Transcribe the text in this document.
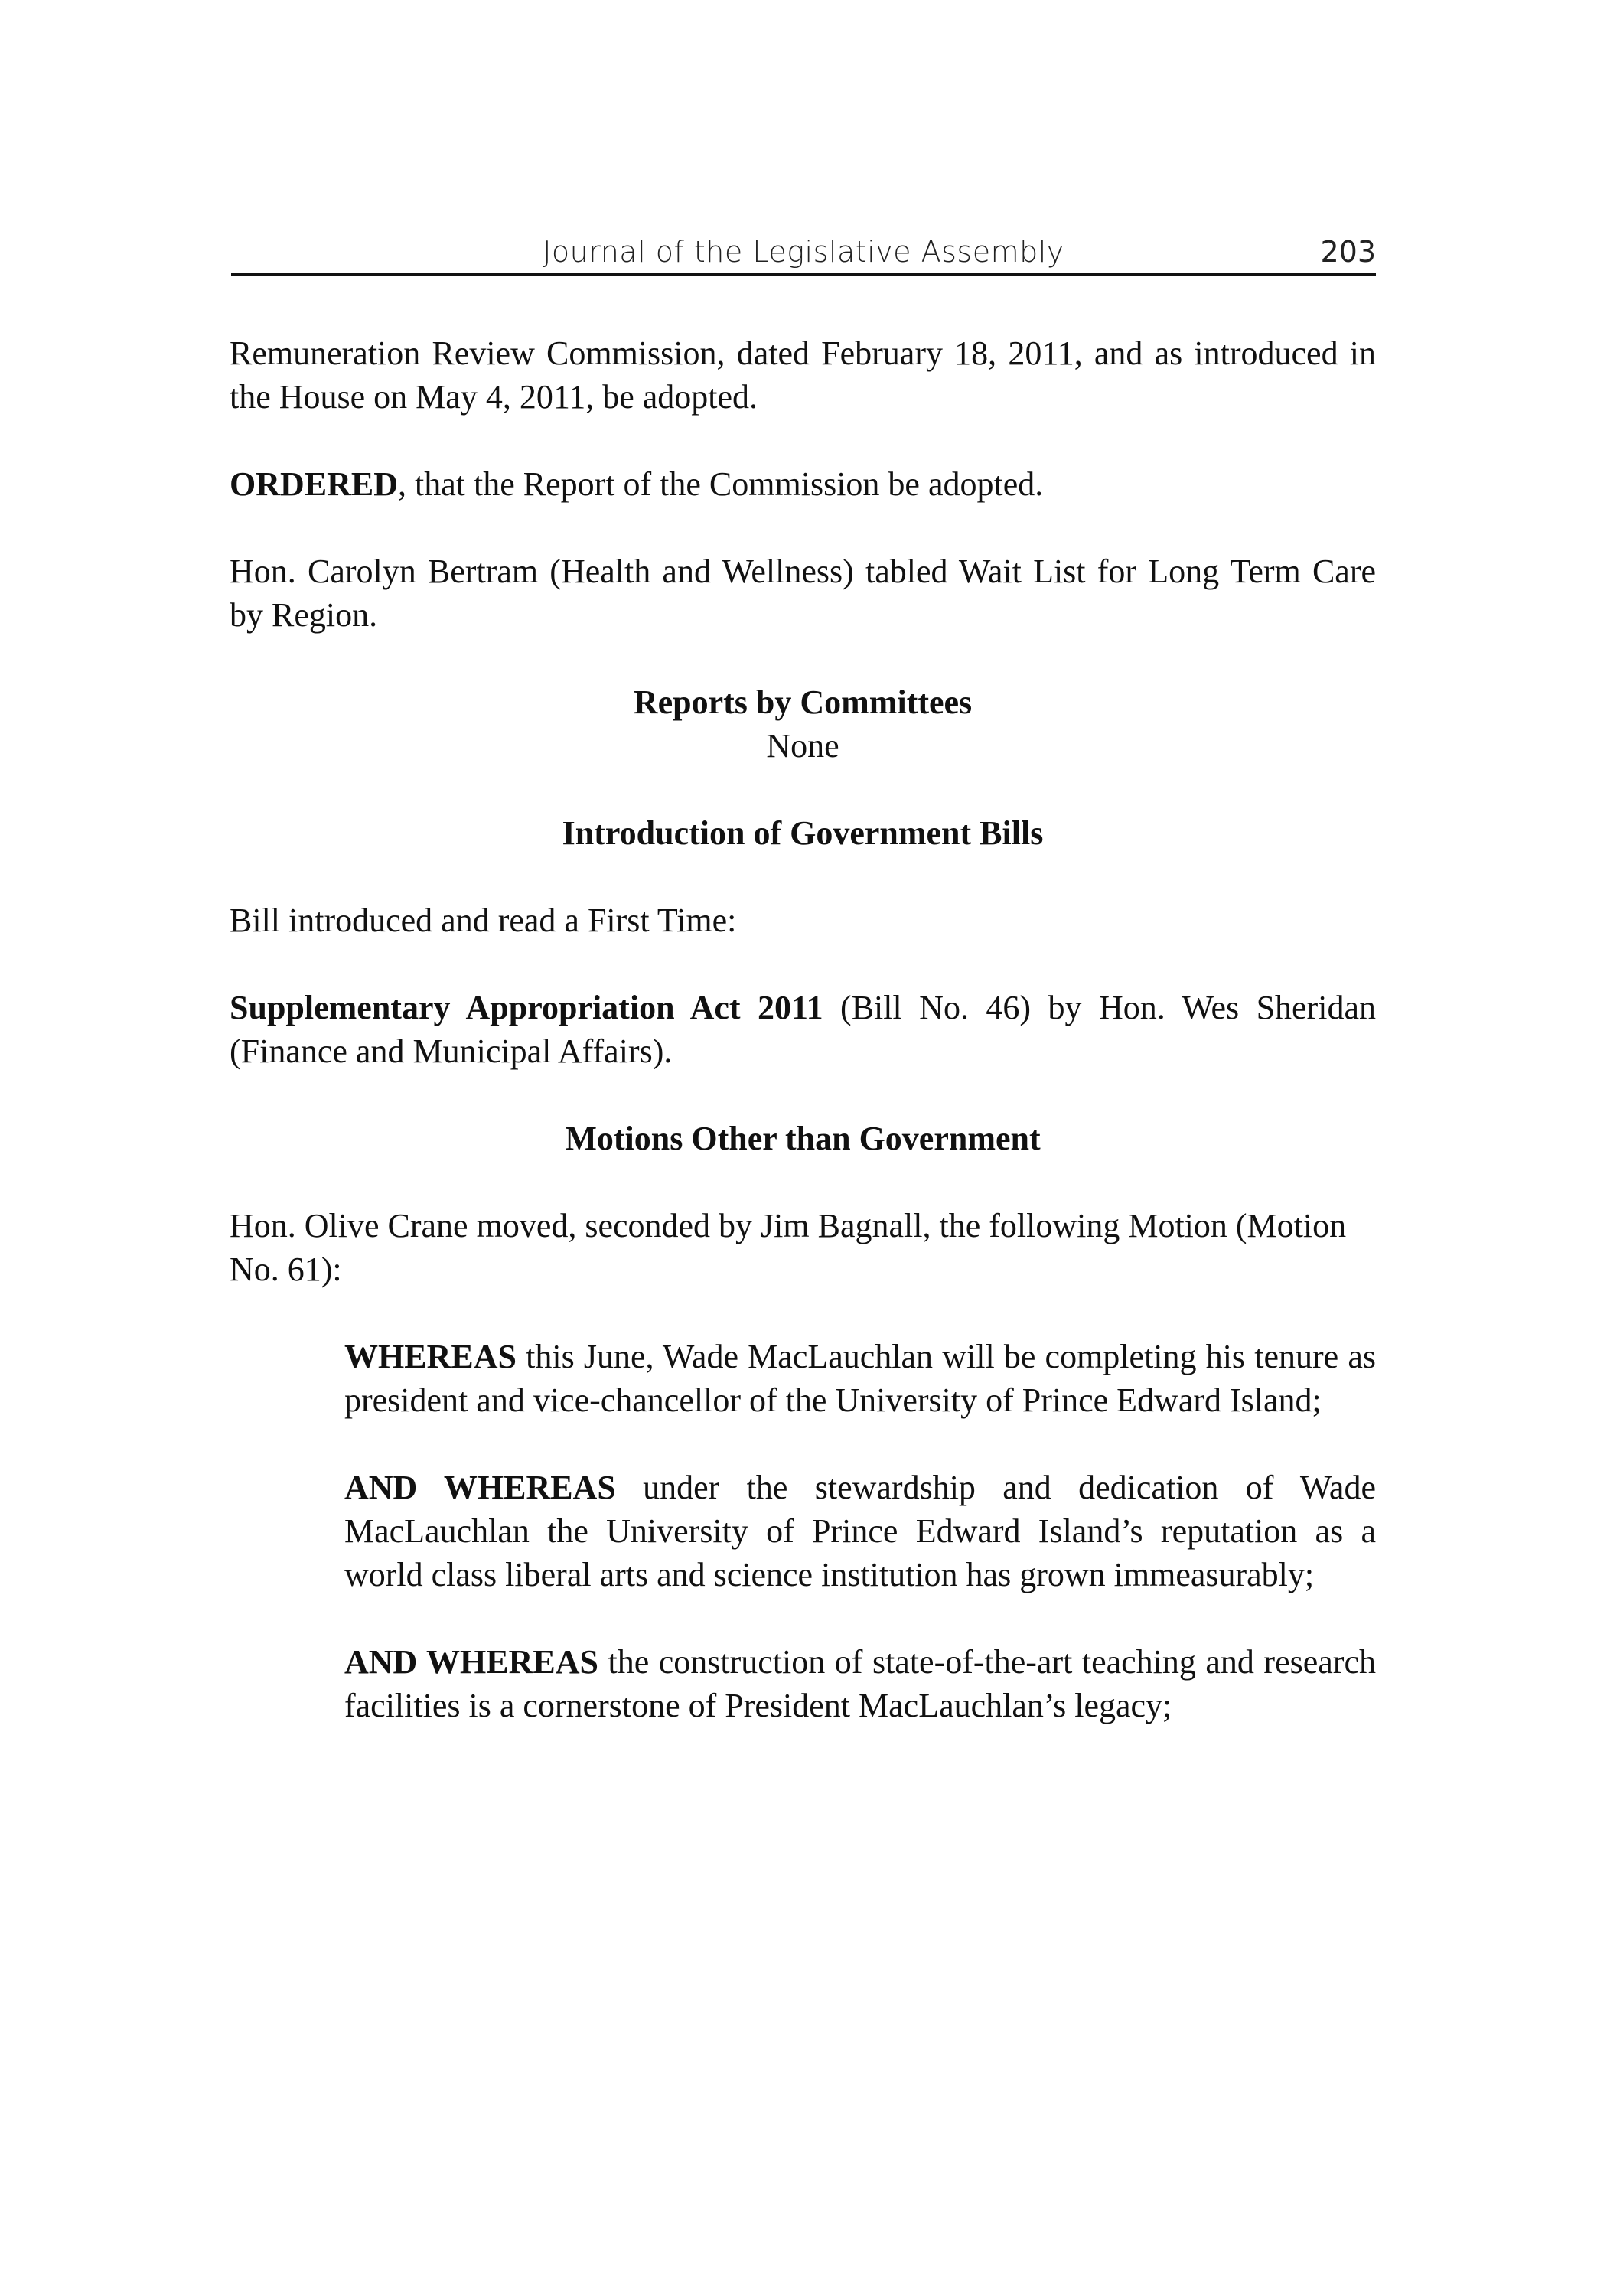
Journal of the Legislative Assembly	203

Remuneration Review Commission, dated February 18, 2011, and as introduced in the House on May 4, 2011, be adopted.

ORDERED, that the Report of the Commission be adopted.

Hon. Carolyn Bertram (Health and Wellness) tabled Wait List for Long Term Care by Region.

Reports by Committees
None
Introduction of Government Bills

Bill introduced and read a First Time:

Supplementary Appropriation Act 2011 (Bill No. 46) by Hon. Wes Sheridan (Finance and Municipal Affairs).

Motions Other than Government

Hon. Olive Crane moved, seconded by Jim Bagnall, the following Motion (Motion No. 61):

WHEREAS this June, Wade MacLauchlan will be completing his tenure as president and vice-chancellor of the University of Prince Edward Island;

AND WHEREAS under the stewardship and dedication of Wade MacLauchlan the University of Prince Edward Island’s reputation as a world class liberal arts and science institution has grown immeasurably;

AND WHEREAS the construction of state-of-the-art teaching and research facilities is a cornerstone of President MacLauchlan’s legacy;
